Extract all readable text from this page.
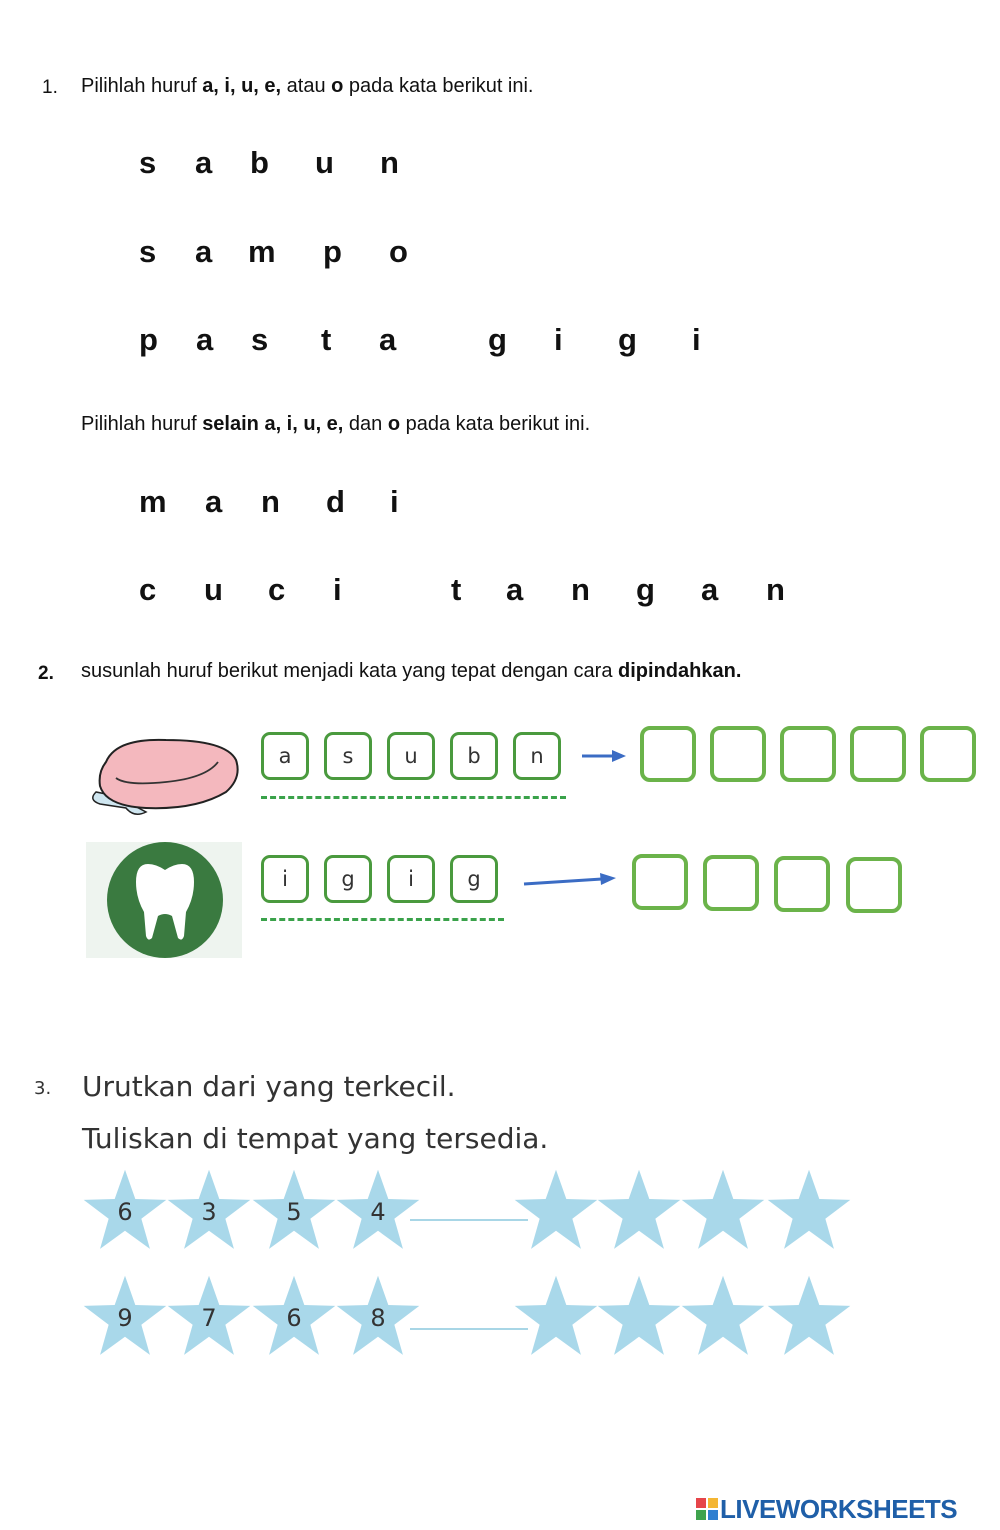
1. Pilihlah huruf a, i, u, e, atau o pada kata berikut ini.
s a b u n
s a m p o
p a s t a	g i g i
Pilihlah huruf selain a, i, u, e, dan o pada kata berikut ini.
m a n d i
c u c i	t a n g a n
2. susunlah huruf berikut menjadi kata yang tepat dengan cara dipindahkan.
a	s	u	b	n
i	g	i	g
3. Urutkan dari yang terkecil.
Tuliskan di tempat yang tersedia.
6	3	5	4
9	7	6	8
LIVEWORKSHEETS
